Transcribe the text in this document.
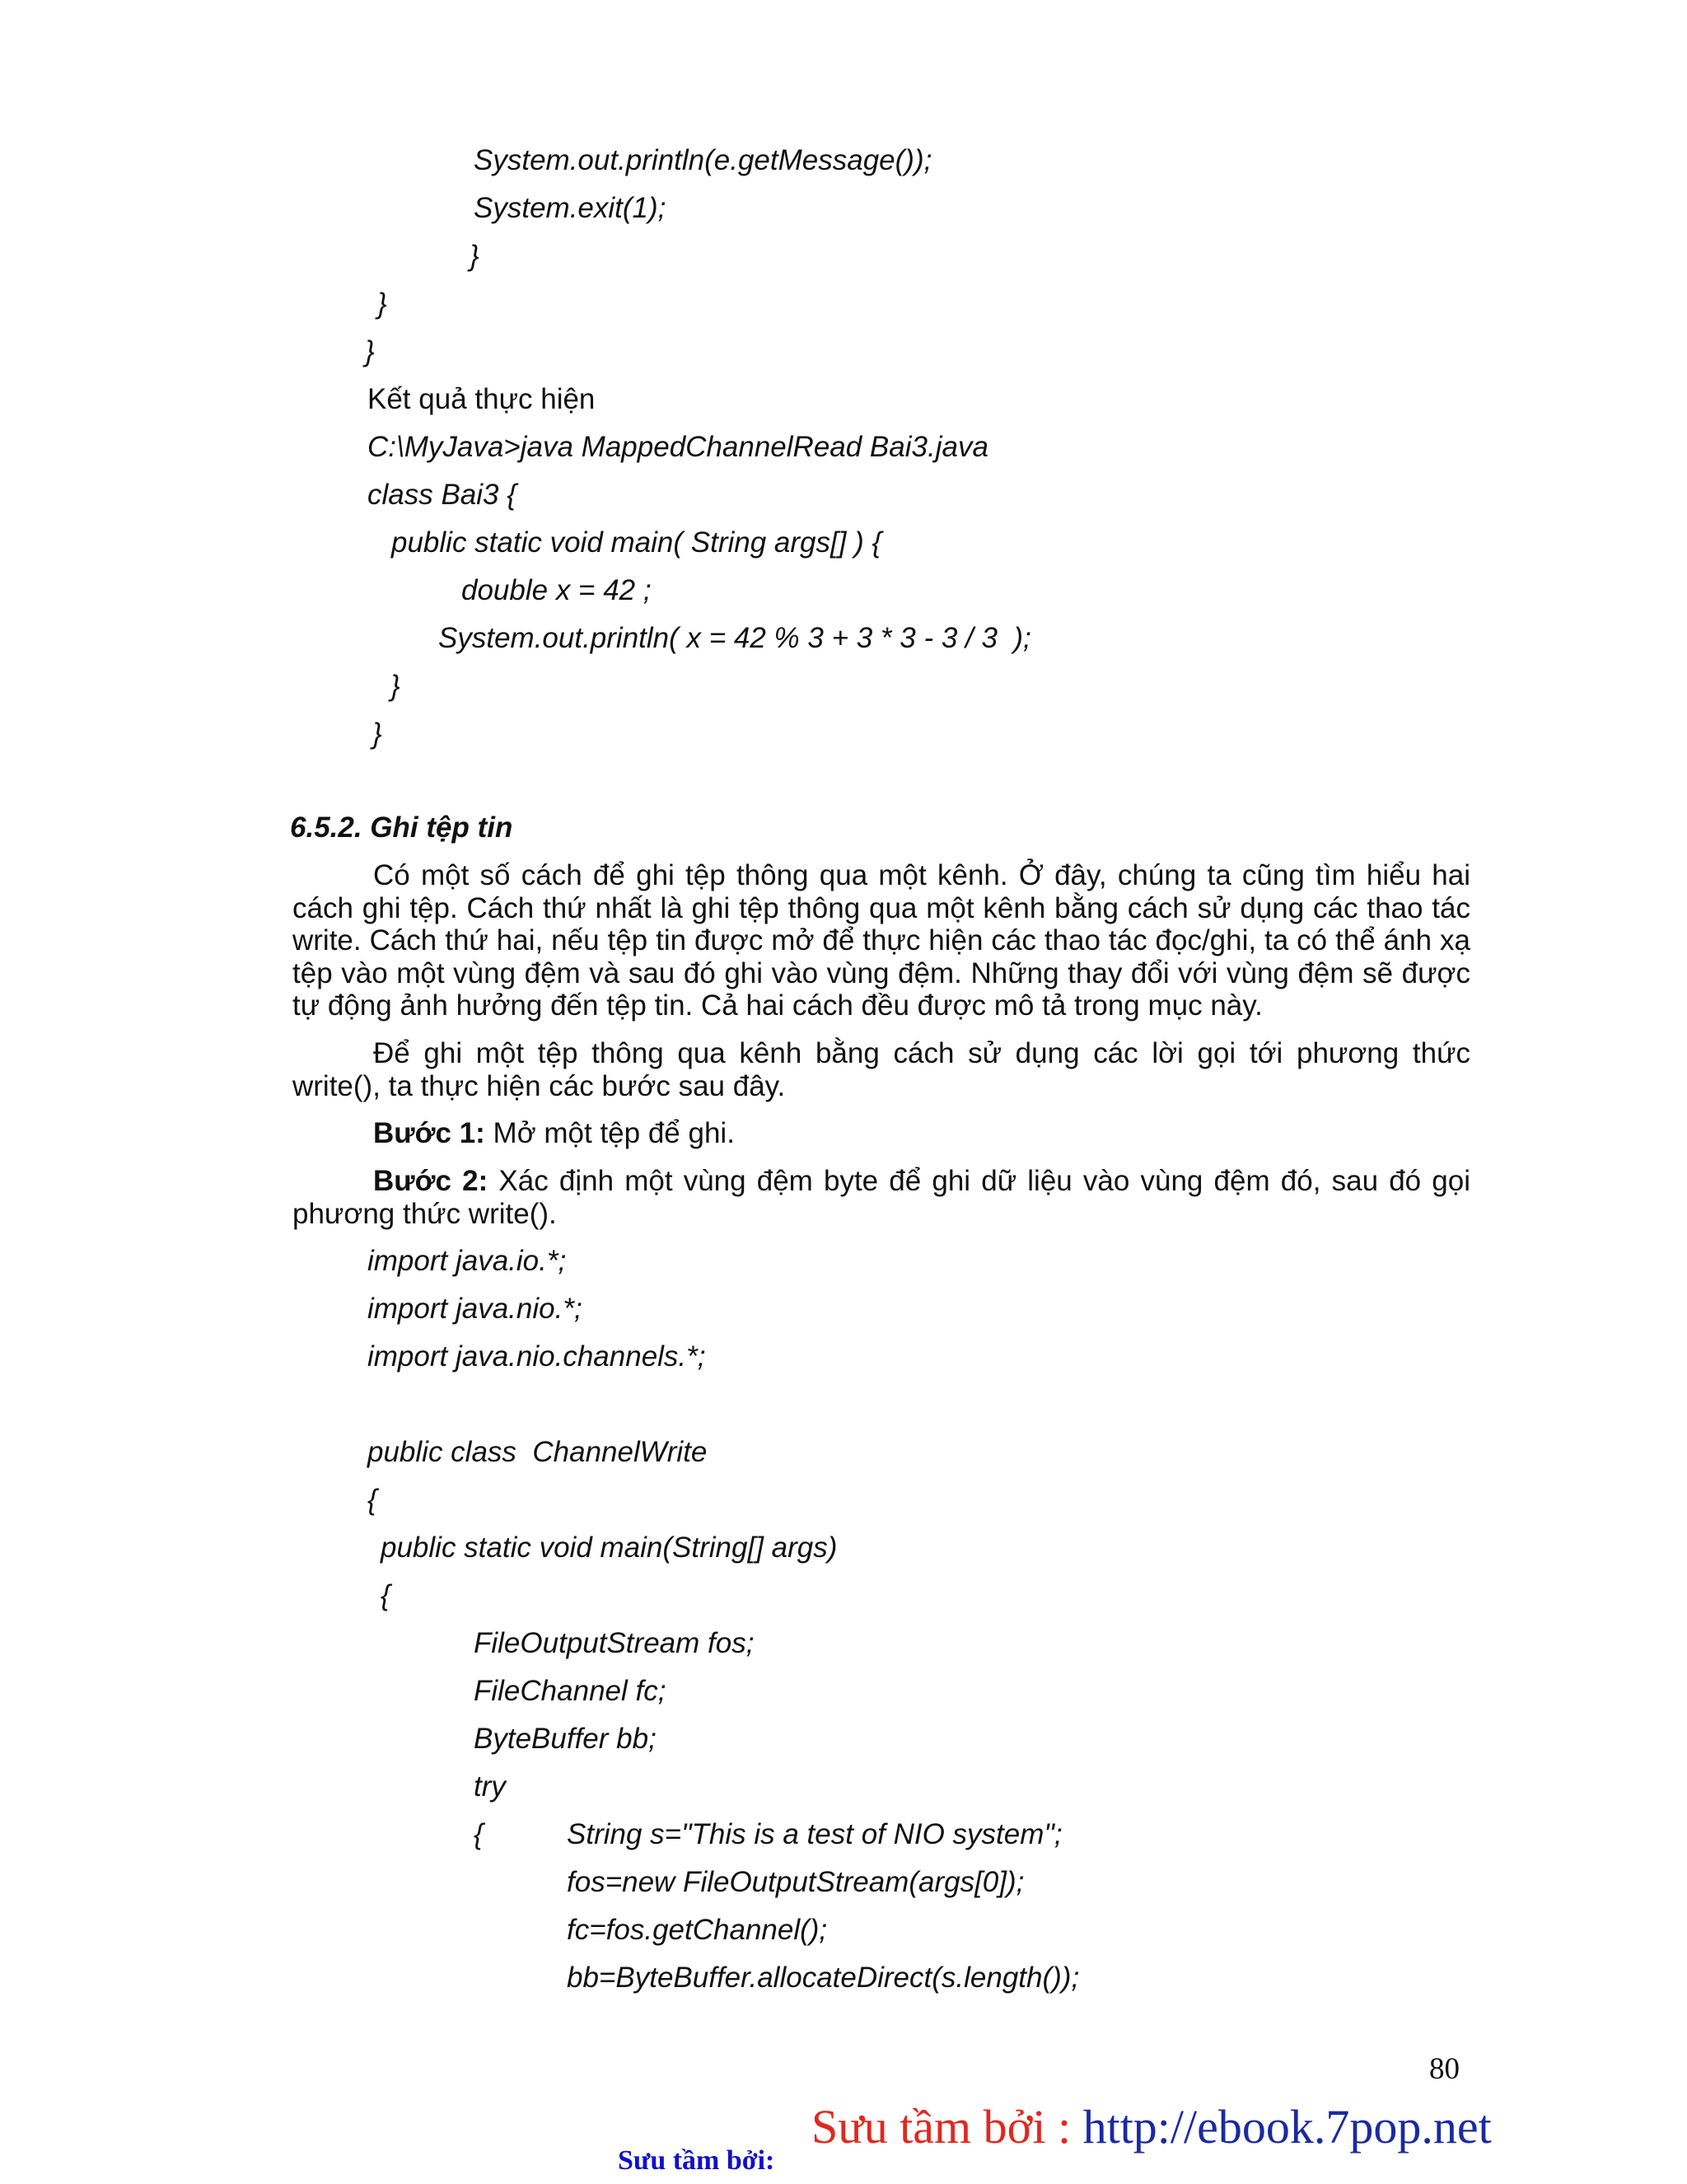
System.out.println(e.getMessage());
System.exit(1);
}
}
}
Kết quả thực hiện
C:\MyJava>java MappedChannelRead Bai3.java
class Bai3 {
public static void main( String args[] ) {
double x = 42 ;
System.out.println( x = 42 % 3 + 3 * 3 - 3 / 3  );
}
}
6.5.2. Ghi tệp tin
Có một số cách để ghi tệp thông qua một kênh. Ở đây, chúng ta cũng tìm hiểu hai cách ghi tệp. Cách thứ nhất là ghi tệp thông qua một kênh bằng cách sử dụng các thao tác write. Cách thứ hai, nếu tệp tin được mở để thực hiện các thao tác đọc/ghi, ta có thể ánh xạ tệp vào một vùng đệm và sau đó ghi vào vùng đệm. Những thay đổi với vùng đệm sẽ được tự động ảnh hưởng đến tệp tin. Cả hai cách đều được mô tả trong mục này.
Để ghi một tệp thông qua kênh bằng cách sử dụng các lời gọi tới phương thức write(), ta thực hiện các bước sau đây.
Bước 1: Mở một tệp để ghi.
Bước 2: Xác định một vùng đệm byte để ghi dữ liệu vào vùng đệm đó, sau đó gọi phương thức write().
import java.io.*;
import java.nio.*;
import java.nio.channels.*;
public class  ChannelWrite
{
public static void main(String[] args)
{
FileOutputStream fos;
FileChannel fc;
ByteBuffer bb;
try
{	String s="This is a test of NIO system";
fos=new FileOutputStream(args[0]);
fc=fos.getChannel();
bb=ByteBuffer.allocateDirect(s.length());
80
Sưu tầm bởi : http://ebook.7pop.net
Sưu tầm bởi:
